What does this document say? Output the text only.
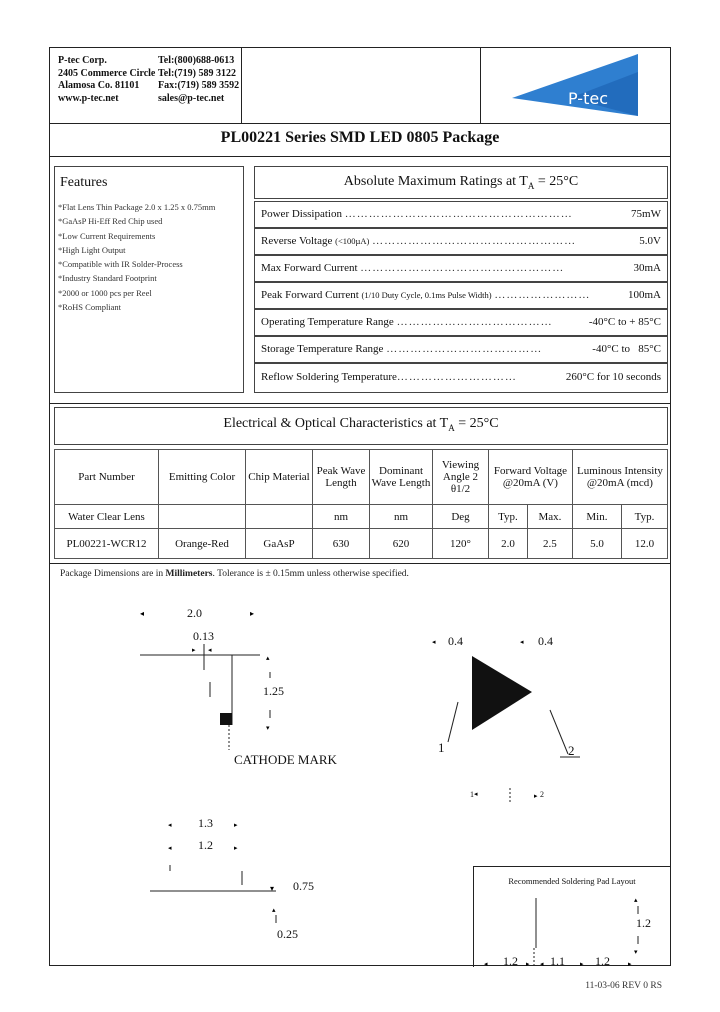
P-tec Corp.
2405 Commerce Circle
Alamosa Co. 81101
www.p-tec.net
Tel:(800)688-0613
Tel:(719) 589 3122
Fax:(719) 589 3592
sales@p-tec.net	P-tec
PL00221 Series SMD LED 0805 Package
Features
*Flat Lens Thin Package 2.0 x 1.25 x 0.75mm
*GaAsP Hi-Eff Red Chip used
*Low Current Requirements
*High Light Output
*Compatible with IR Solder-Process
*Industry Standard Footprint
*2000 or 1000 pcs per Reel
*RoHS Compliant
Absolute Maximum Ratings at $T_A = 25^\circ C$
Power Dissipation …………………………………………………	75mW
Reverse Voltage (<100µA) ……………………………………………	5.0V
Max Forward Current ……………………………………………	30mA
Peak Forward Current (1/10 Duty Cycle, 0.1ms Pulse Width) ……………………	100mA
Operating Temperature Range …………………………………	-40°C to + 85°C
Storage Temperature Range …………………………………	-40°C to   85°C
Reflow Soldering Temperature…………………………	260°C for 10 seconds
Electrical & Optical Characteristics at $T_A = 25^\circ C$
Part Number	Emitting Color	Chip Material	Peak Wave Length	Dominant Wave Length	Viewing Angle 2 θ1/2	Forward Voltage @20mA (V)		Luminous Intensity @20mA (mcd)	
Water Clear Lens			nm	nm	Deg	Typ.	Max.	Min.	Typ.
PL00221-WCR12	Orange-Red	GaAsP	630	620	120°	2.0	2.5	5.0	12.0
Package Dimensions are in Millimeters. Tolerance is ± 0.15mm unless otherwise specified.
◂	▸
▸ ◂
▴
▾
2.0
0.13
1.25
CATHODE MARK
◂	◂
◂	▸
0.4	0.4
1	2
1	2
◂	▸
◂	▸
▾
▴
1.3
1.2
0.75
0.25
Recommended Soldering Pad Layout
▴
▾
◂	▸ ◂	▸	▸
1.2
1.2	1.1	1.2
11-03-06 REV 0 RS
